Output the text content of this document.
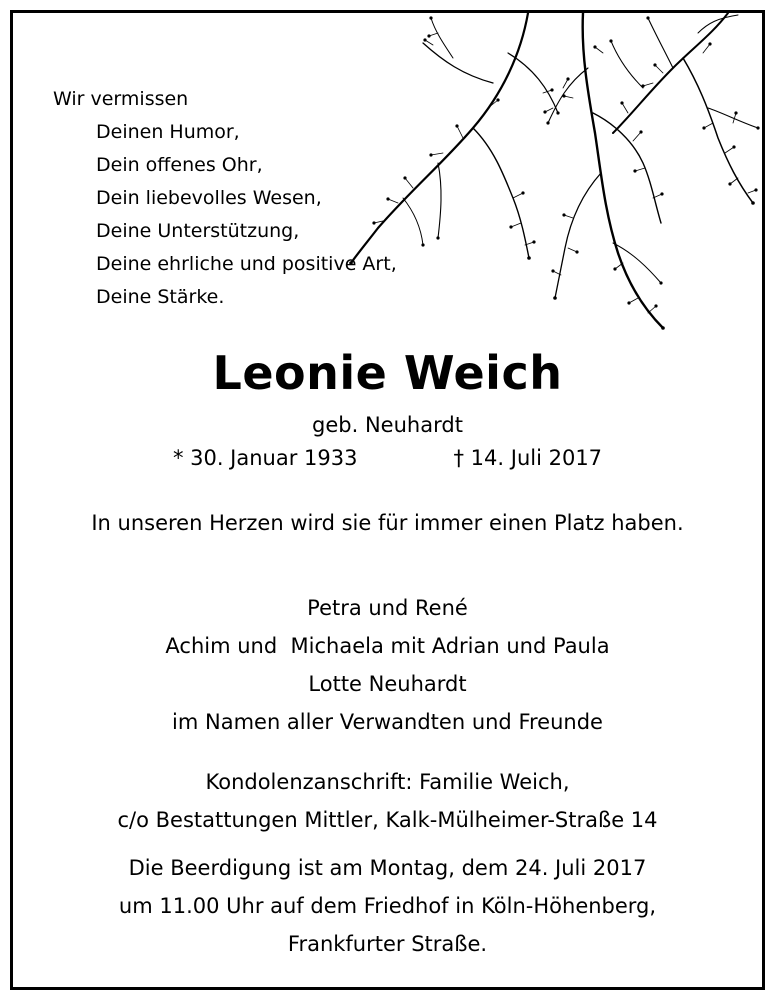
Wir vermissen
Deinen Humor,
Dein offenes Ohr,
Dein liebevolles Wesen,
Deine Unterstützung,
Deine ehrliche und positive Art,
Deine Stärke.
Leonie Weich
geb. Neuhardt
* 30. Januar 1933	† 14. Juli 2017
In unseren Herzen wird sie für immer einen Platz haben.
Petra und René
Achim und  Michaela mit Adrian und Paula
Lotte Neuhardt
im Namen aller Verwandten und Freunde
Kondolenzanschrift: Familie Weich,
c/o Bestattungen Mittler, Kalk-Mülheimer-Straße 14
Die Beerdigung ist am Montag, dem 24. Juli 2017
um 11.00 Uhr auf dem Friedhof in Köln-Höhenberg,
Frankfurter Straße.
